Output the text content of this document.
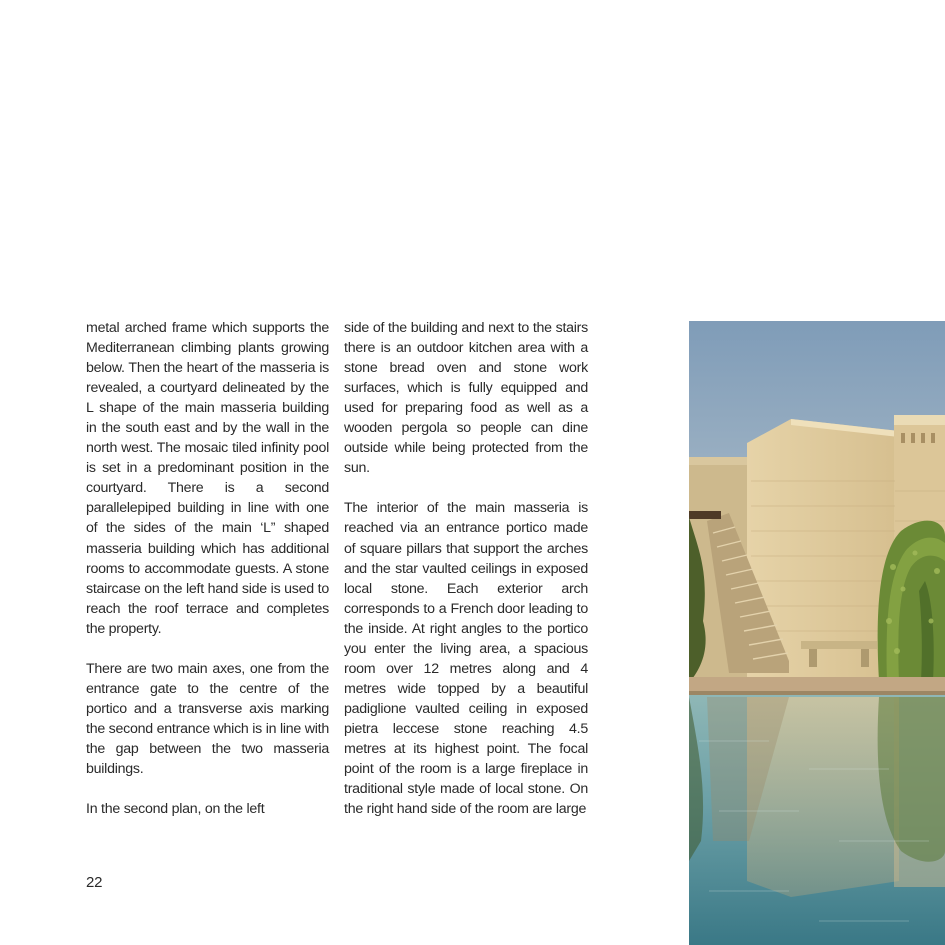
metal arched frame which supports the Mediterranean climbing plants growing below. Then the heart of the masseria is revealed, a courtyard delineated by the L shape of the main masseria building in the south east and by the wall in the north west. The mosaic tiled infinity pool is set in a predominant position in the courtyard. There is a second parallelepiped building in line with one of the sides of the main ‘L” shaped masseria building which has additional rooms to accommodate guests. A stone staircase on the left hand side is used to reach the roof terrace and completes the property.

There are two main axes, one from the entrance gate to the centre of the portico and a transverse axis marking the second entrance which is in line with the gap between the two masseria buildings.

In the second plan, on the left

side of the building and next to the stairs there is an outdoor kitchen area with a stone bread oven and stone work surfaces, which is fully equipped and used for preparing food as well as a wooden pergola so people can dine outside while being protected from the sun.

The interior of the main masseria is reached via an entrance portico made of square pillars that support the arches and the star vaulted ceilings in exposed local stone. Each exterior arch corresponds to a French door leading to the inside. At right angles to the portico you enter the living area, a spacious room over 12 metres along and 4 metres wide topped by a beautiful padiglione vaulted ceiling in exposed pietra leccese stone reaching 4.5 metres at its highest point. The focal point of the room is a large fireplace in traditional style made of local stone. On the right hand side of the room are large

22
